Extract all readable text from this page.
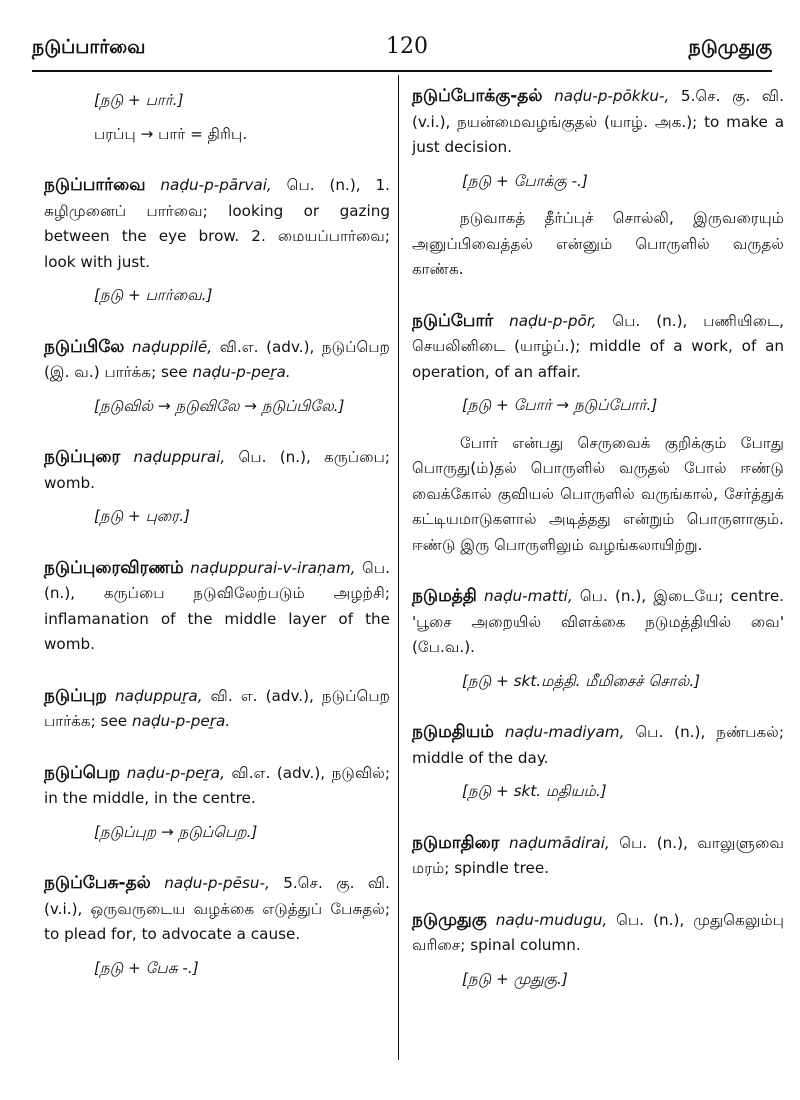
நடுப்பார்வை	120	நடுமுதுகு

[நடு + பார்.]

பரப்பு → பார் = திரிபு.

நடுப்பார்வை naḍu-p-pārvai, பெ. (n.), 1. சுழிமுனைப் பார்வை; looking or gazing between the eye brow. 2. மையப்பார்வை; look with just.

[நடு + பார்வை.]

நடுப்பிலே naḍuppilē, வி.எ. (adv.), நடுப்பெற (இ. வ.) பார்க்க; see naḍu-p-peṟa.

[நடுவில் → நடுவிலே → நடுப்பிலே.]

நடுப்புரை naḍuppurai, பெ. (n.), கருப்பை; womb.

[நடு + புரை.]

நடுப்புரைவிரணம் naḍuppurai-v-iraṇam, பெ. (n.), கருப்பை நடுவிலேற்படும் அழற்சி; inflamanation of the middle layer of the womb.

நடுப்புற naḍuppuṟa, வி. எ. (adv.), நடுப்பெற பார்க்க; see naḍu-p-peṟa.

நடுப்பெற naḍu-p-peṟa, வி.எ. (adv.), நடுவில்; in the middle, in the centre.

[நடுப்புற → நடுப்பெற.]

நடுப்பேசு-தல் naḍu-p-pēsu-, 5.செ. கு. வி. (v.i.), ஒருவருடைய வழக்கை எடுத்துப் பேசுதல்; to plead for, to advocate a cause.

[நடு + பேசு -.]

நடுப்போக்கு-தல் naḍu-p-pōkku-, 5.செ. கு. வி. (v.i.), நயன்மைவழங்குதல் (யாழ். அக.); to make a just decision.

[நடு + போக்கு -.]

நடுவாகத் தீர்ப்புச் சொல்லி, இருவரையும் அனுப்பிவைத்தல் என்னும் பொருளில் வருதல் காண்க.

நடுப்போர் naḍu-p-pōr, பெ. (n.), பணியிடை, செயலினிடை (யாழ்ப்.); middle of a work, of an operation, of an affair.

[நடு + போர் → நடுப்போர்.]

போர் என்பது செருவைக் குறிக்கும் போது பொருது(ம்)தல் பொருளில் வருதல் போல் ஈண்டு வைக்கோல் குவியல் பொருளில் வருங்கால், சேர்த்துக் கட்டியமாடுகளால் அடித்தது என்றும் பொருளாகும். ஈண்டு இரு பொருளிலும் வழங்கலாயிற்று.

நடுமத்தி naḍu-matti, பெ. (n.), இடையே; centre. 'பூசை அறையில் விளக்கை நடுமத்தியில் வை' (பே.வ.).

[நடு + skt.மத்தி. மீமிசைச் சொல்.]

நடுமதியம் naḍu-madiyam, பெ. (n.), நண்பகல்; middle of the day.

[நடு + skt. மதியம்.]

நடுமாதிரை naḍumādirai, பெ. (n.), வாலுளுவை மரம்; spindle tree.

நடுமுதுகு naḍu-mudugu, பெ. (n.), முதுகெலும்பு வரிசை; spinal column.

[நடு + முதுகு.]
